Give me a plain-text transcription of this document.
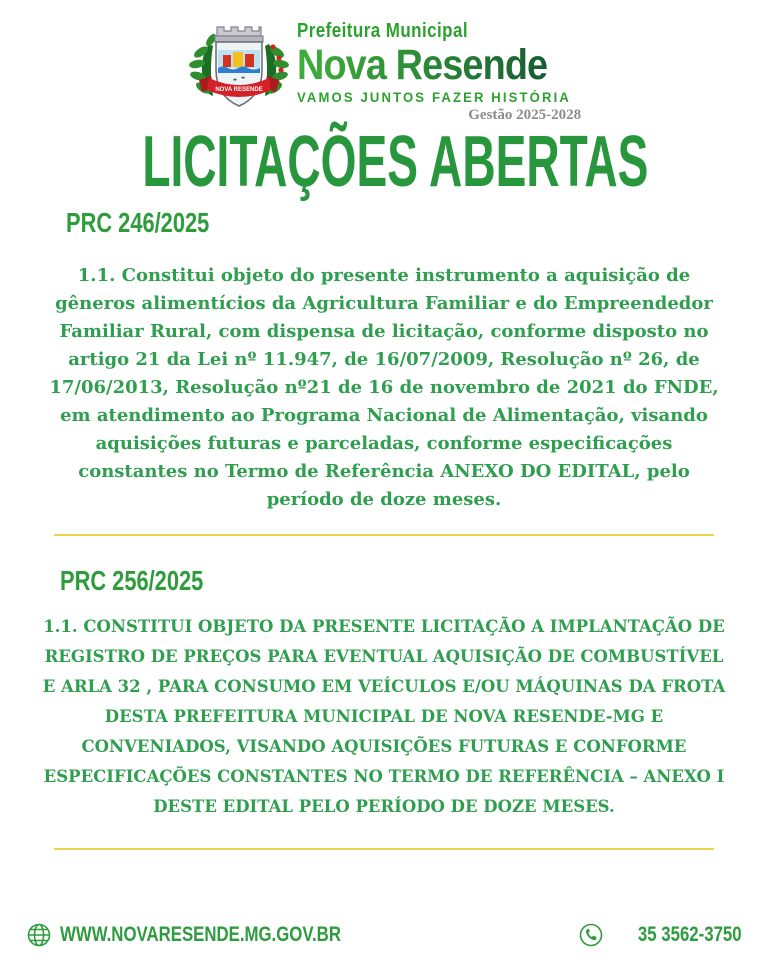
NOVA RESENDE
Prefeitura Municipal
Nova Resende
VAMOS JUNTOS FAZER HISTÓRIA
Gestão 2025-2028
LICITAÇÕES ABERTAS
PRC 246/2025

1.1. Constitui objeto do presente instrumento a aquisição de gêneros alimentícios da Agricultura Familiar e do Empreendedor Familiar Rural, com dispensa de licitação, conforme disposto no artigo 21 da Lei nº 11.947, de 16/07/2009, Resolução nº 26, de 17/06/2013, Resolução nº21 de 16 de novembro de 2021 do FNDE, em atendimento ao Programa Nacional de Alimentação, visando aquisições futuras e parceladas, conforme especificações constantes no Termo de Referência ANEXO DO EDITAL, pelo período de doze meses.

PRC 256/2025

1.1. CONSTITUI OBJETO DA PRESENTE LICITAÇÃO A IMPLANTAÇÃO DE REGISTRO DE PREÇOS PARA EVENTUAL AQUISIÇÃO DE COMBUSTÍVEL E ARLA 32 , PARA CONSUMO EM VEÍCULOS E/OU MÁQUINAS DA FROTA DESTA PREFEITURA MUNICIPAL DE NOVA RESENDE-MG E CONVENIADOS, VISANDO AQUISIÇÕES FUTURAS E CONFORME ESPECIFICAÇÕES CONSTANTES NO TERMO DE REFERÊNCIA – ANEXO I DESTE EDITAL PELO PERÍODO DE DOZE MESES.

WWW.NOVARESENDE.MG.GOV.BR	35 3562-3750
